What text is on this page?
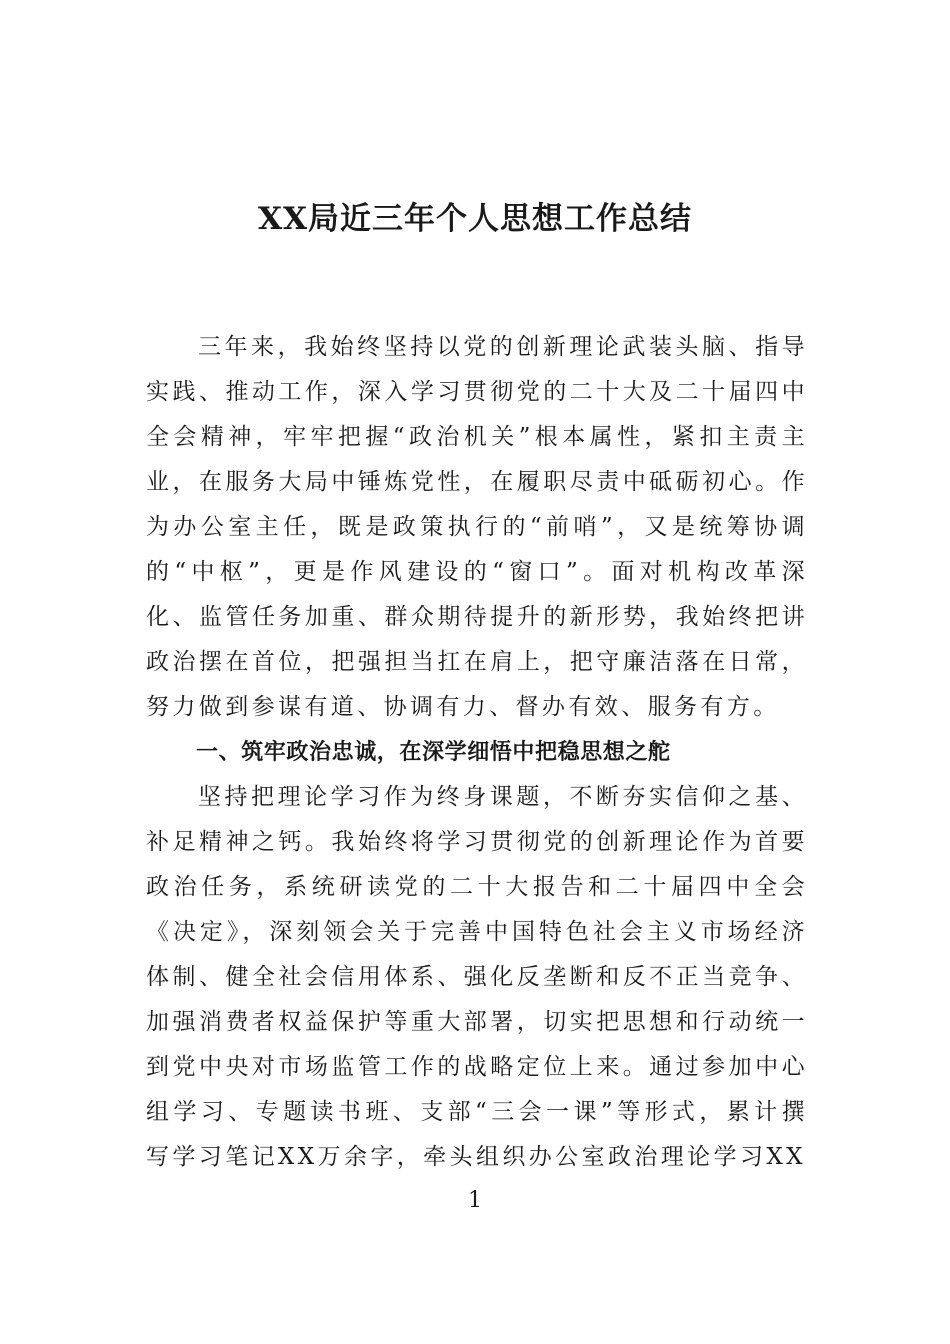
XX局近三年个人思想工作总结

三年来，我始终坚持以党的创新理论武装头脑、指导实践、推动工作，深入学习贯彻党的二十大及二十届四中全会精神，牢牢把握“政治机关”根本属性，紧扣主责主业，在服务大局中锤炼党性，在履职尽责中砥砺初心。作为办公室主任，既是政策执行的“前哨”，又是统筹协调的“中枢”，更是作风建设的“窗口”。面对机构改革深化、监管任务加重、群众期待提升的新形势，我始终把讲政治摆在首位，把强担当扛在肩上，把守廉洁落在日常，努力做到参谋有道、协调有力、督办有效、服务有方。

一、筑牢政治忠诚，在深学细悟中把稳思想之舵

坚持把理论学习作为终身课题，不断夯实信仰之基、补足精神之钙。我始终将学习贯彻党的创新理论作为首要政治任务，系统研读党的二十大报告和二十届四中全会《决定》，深刻领会关于完善中国特色社会主义市场经济体制、健全社会信用体系、强化反垄断和反不正当竞争、加强消费者权益保护等重大部署，切实把思想和行动统一到党中央对市场监管工作的战略定位上来。通过参加中心组学习、专题读书班、支部“三会一课”等形式，累计撰写学习笔记XX万余字，牵头组织办公室政治理论学习XX

1
